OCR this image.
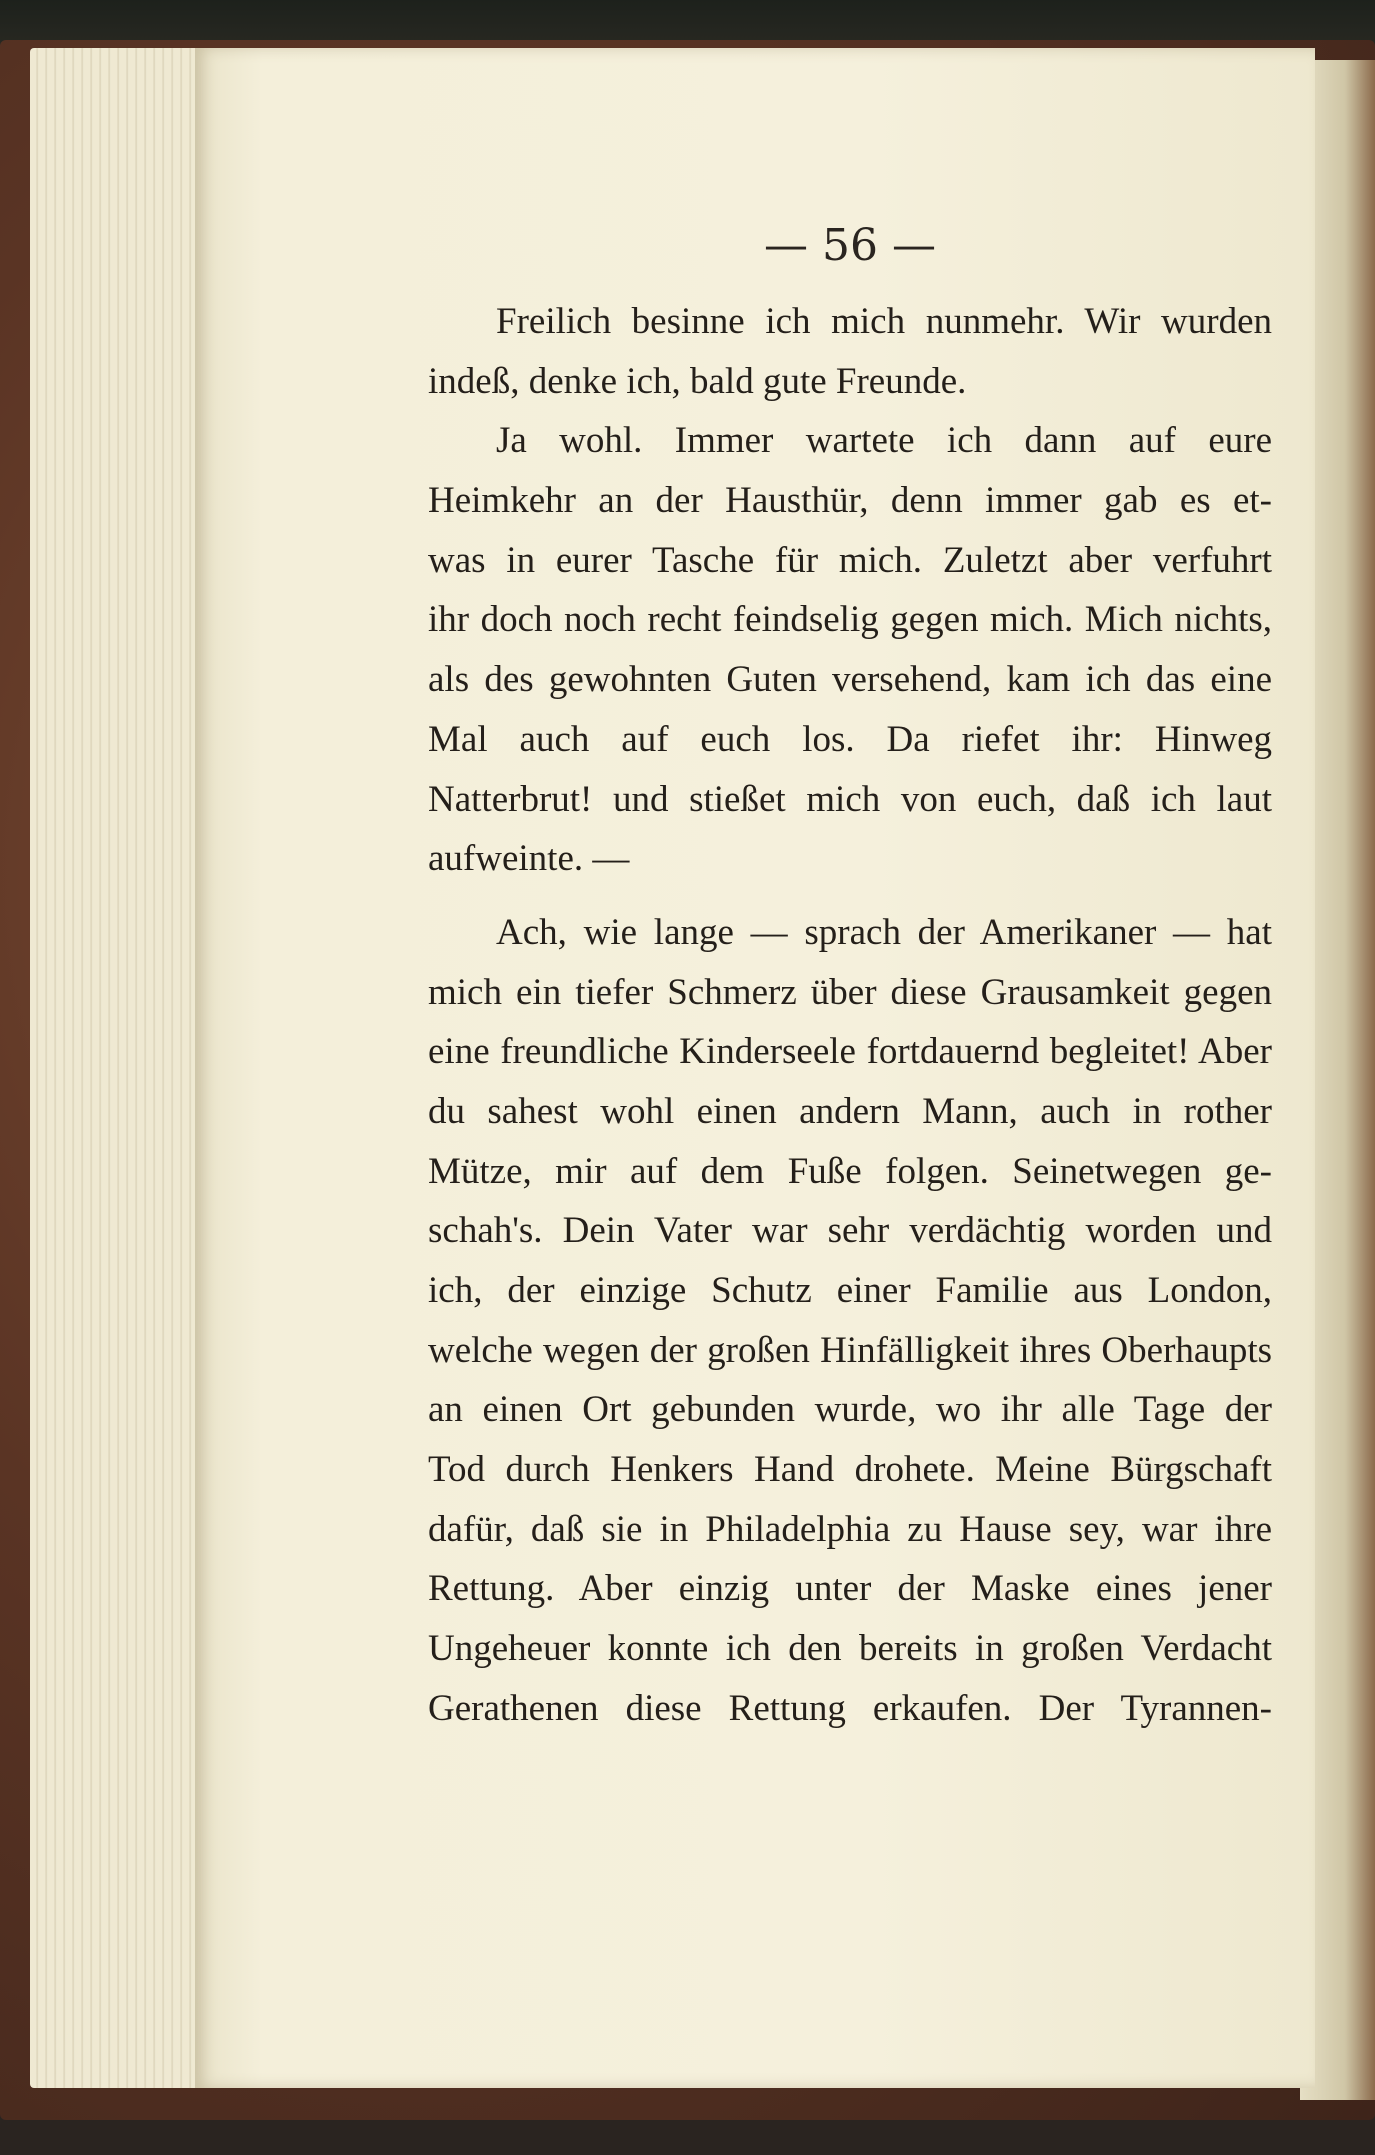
— 56 —
Freilich besinne ich mich nunmehr. Wir wurden
indeß, denke ich, bald gute Freunde.
Ja wohl. Immer wartete ich dann auf eure
Heimkehr an der Hausthür, denn immer gab es et-
was in eurer Tasche für mich. Zuletzt aber verfuhrt
ihr doch noch recht feindselig gegen mich. Mich nichts,
als des gewohnten Guten versehend, kam ich das eine
Mal auch auf euch los. Da riefet ihr: Hinweg
Natterbrut! und stießet mich von euch, daß ich laut
aufweinte. —
Ach, wie lange — sprach der Amerikaner — hat
mich ein tiefer Schmerz über diese Grausamkeit gegen
eine freundliche Kinderseele fortdauernd begleitet! Aber
du sahest wohl einen andern Mann, auch in rother
Mütze, mir auf dem Fuße folgen. Seinetwegen ge-
schah's. Dein Vater war sehr verdächtig worden und
ich, der einzige Schutz einer Familie aus London,
welche wegen der großen Hinfälligkeit ihres Oberhaupts
an einen Ort gebunden wurde, wo ihr alle Tage der
Tod durch Henkers Hand drohete. Meine Bürgschaft
dafür, daß sie in Philadelphia zu Hause sey, war ihre
Rettung. Aber einzig unter der Maske eines jener
Ungeheuer konnte ich den bereits in großen Verdacht
Gerathenen diese Rettung erkaufen. Der Tyrannen-
